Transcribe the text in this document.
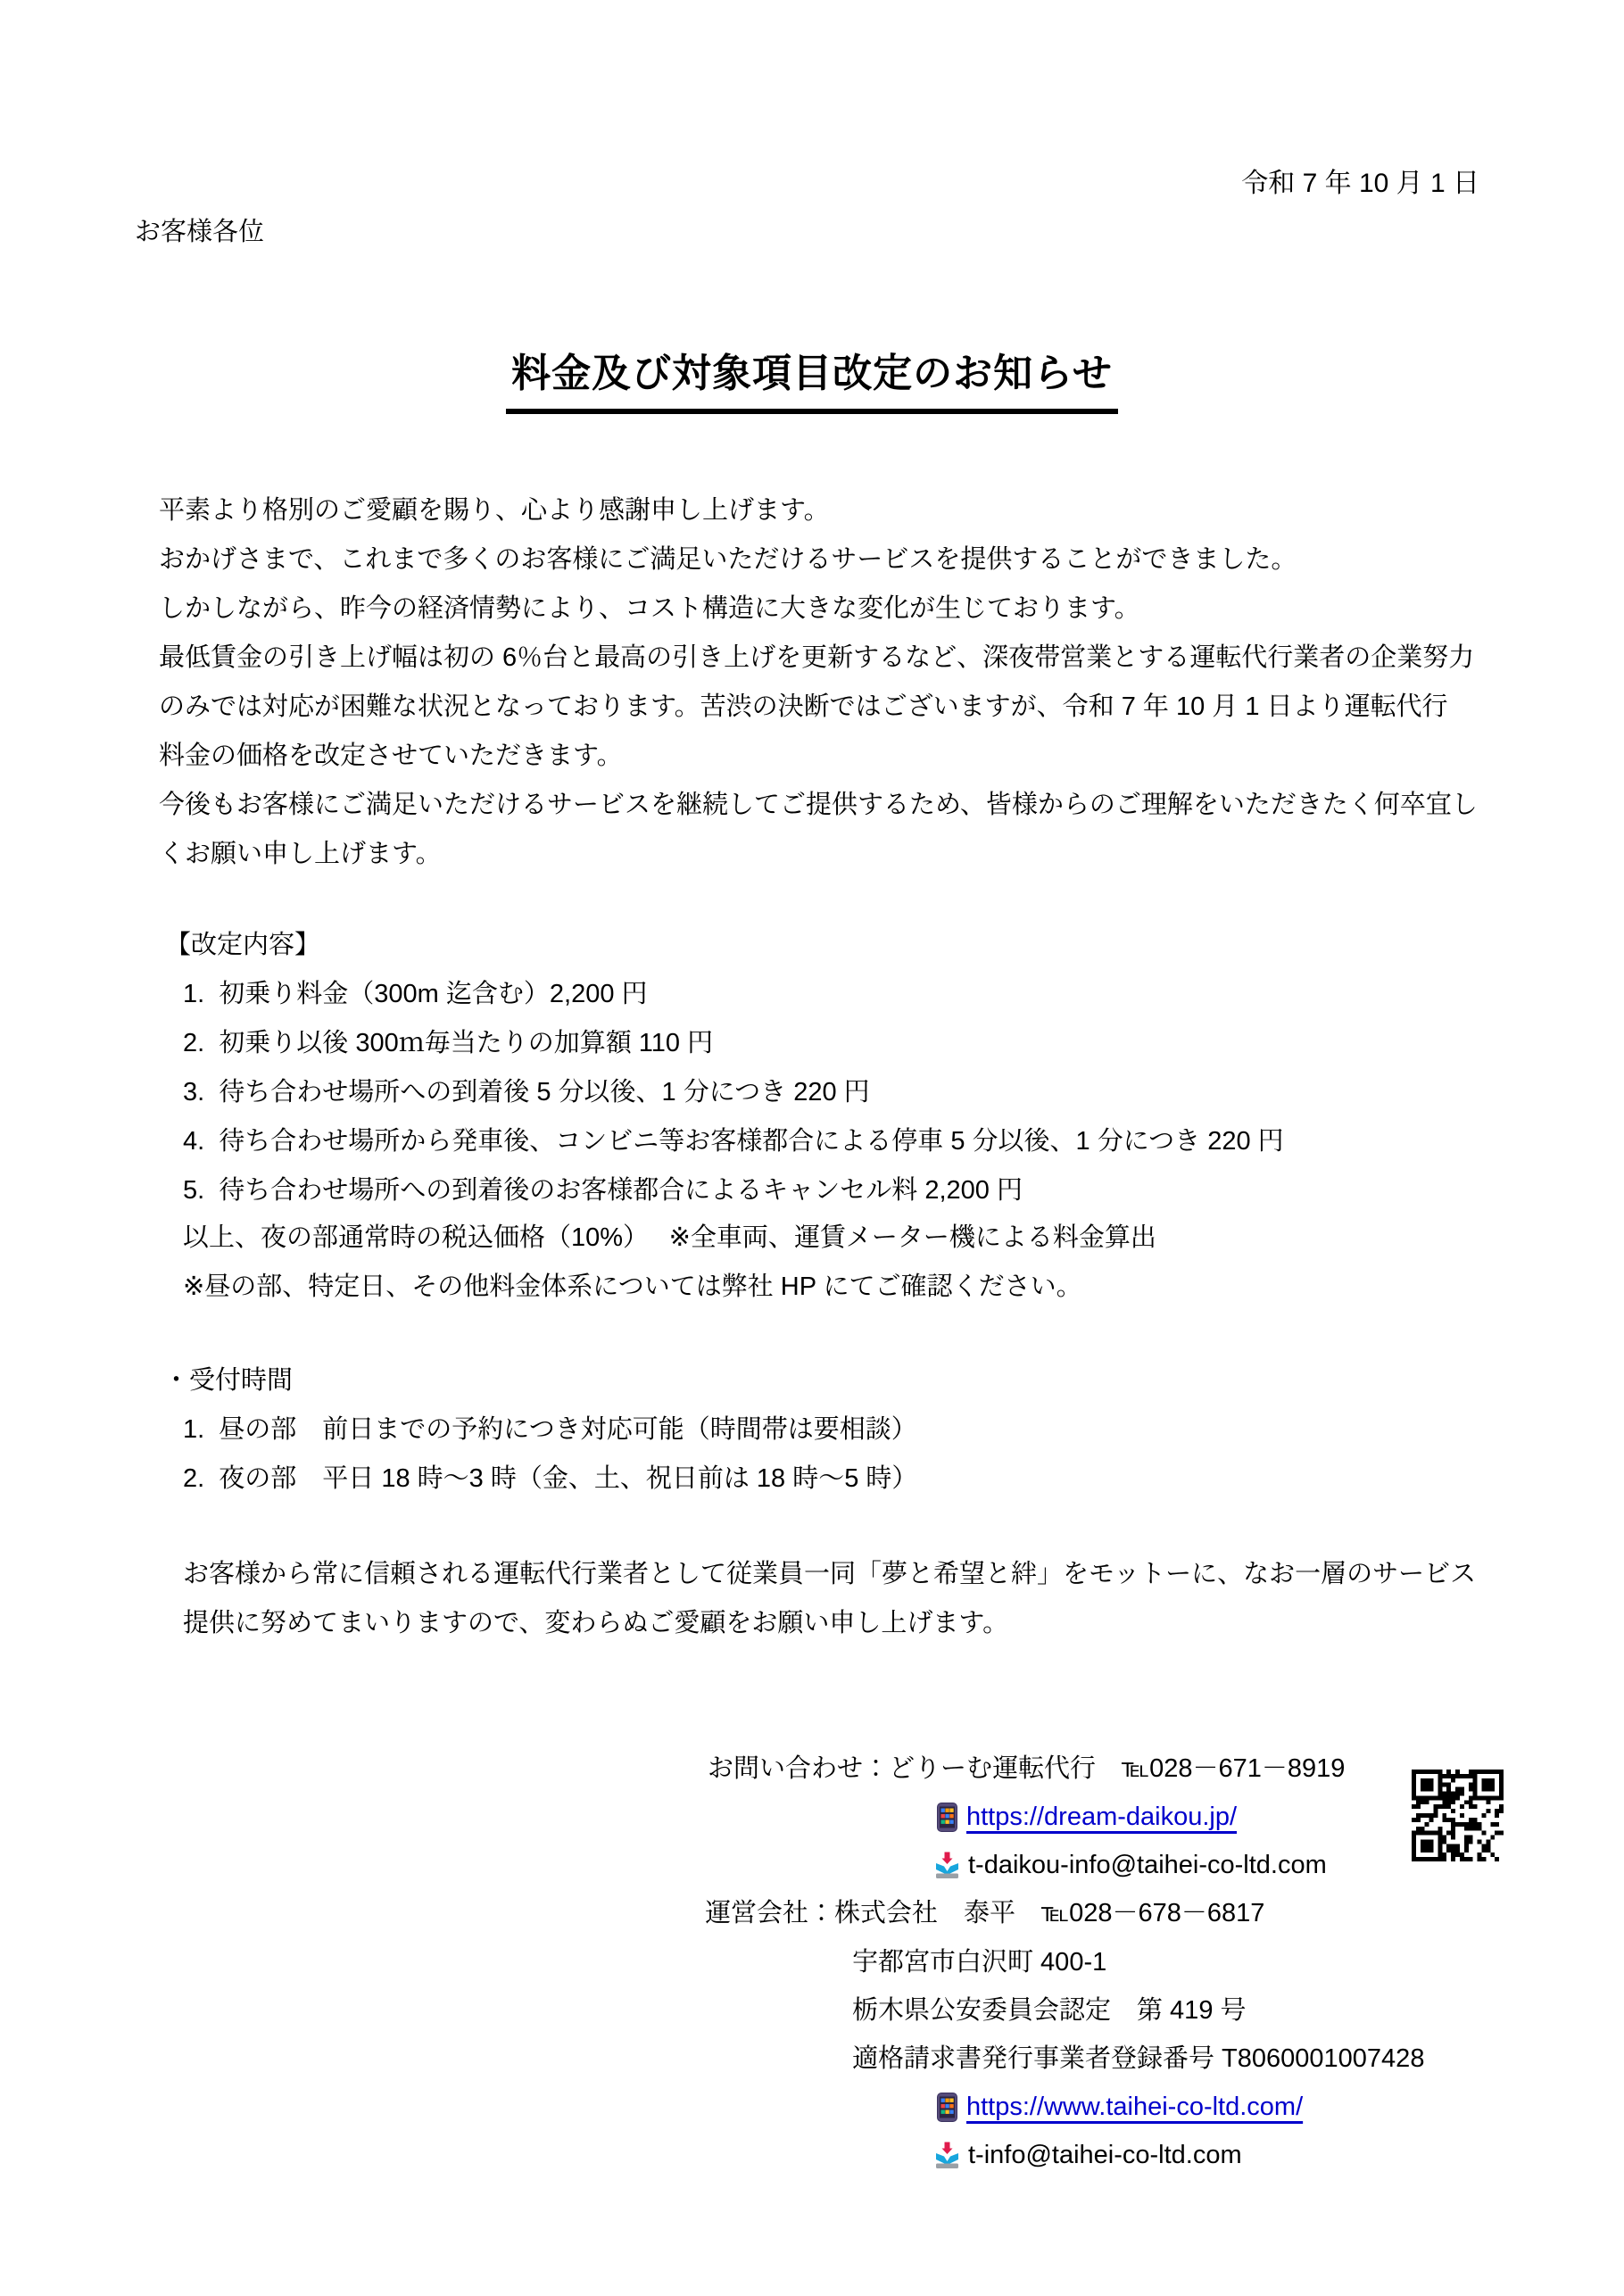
令和 7 年 10 月 1 日
お客様各位
料金及び対象項目改定のお知らせ
平素より格別のご愛顧を賜り、心より感謝申し上げます。
おかげさまで、これまで多くのお客様にご満足いただけるサービスを提供することができました。
しかしながら、昨今の経済情勢により、コスト構造に大きな変化が生じております。
最低賃金の引き上げ幅は初の 6％台と最高の引き上げを更新するなど、深夜帯営業とする運転代行業者の企業努力
のみでは対応が困難な状況となっております。苦渋の決断ではございますが、令和 7 年 10 月 1 日より運転代行
料金の価格を改定させていただきます。
今後もお客様にご満足いただけるサービスを継続してご提供するため、皆様からのご理解をいただきたく何卒宜し
くお願い申し上げます。
【改定内容】
1.  初乗り料金（300m 迄含む）2,200 円
2.  初乗り以後 300ｍ毎当たりの加算額 110 円
3.  待ち合わせ場所への到着後 5 分以後、1 分につき 220 円
4.  待ち合わせ場所から発車後、コンビニ等お客様都合による停車 5 分以後、1 分につき 220 円
5.  待ち合わせ場所への到着後のお客様都合によるキャンセル料 2,200 円
以上、夜の部通常時の税込価格（10%）　 ※全車両、運賃メーター機による料金算出
※昼の部、特定日、その他料金体系については弊社 HP にてご確認ください。
・受付時間
1.  昼の部　前日までの予約につき対応可能（時間帯は要相談）
2.  夜の部　平日 18 時～3 時（金、土、祝日前は 18 時～5 時）
お客様から常に信頼される運転代行業者として従業員一同「夢と希望と絆」をモットーに、なお一層のサービス
提供に努めてまいりますので、変わらぬご愛顧をお願い申し上げます。
お問い合わせ：どりーむ運転代行　℡028－671－8919
https://dream-daikou.jp/
t-daikou-info@taihei-co-ltd.com
運営会社：株式会社　泰平　℡028－678－6817
宇都宮市白沢町 400-1
栃木県公安委員会認定　第 419 号
適格請求書発行事業者登録番号 T8060001007428
https://www.taihei-co-ltd.com/
t-info@taihei-co-ltd.com
